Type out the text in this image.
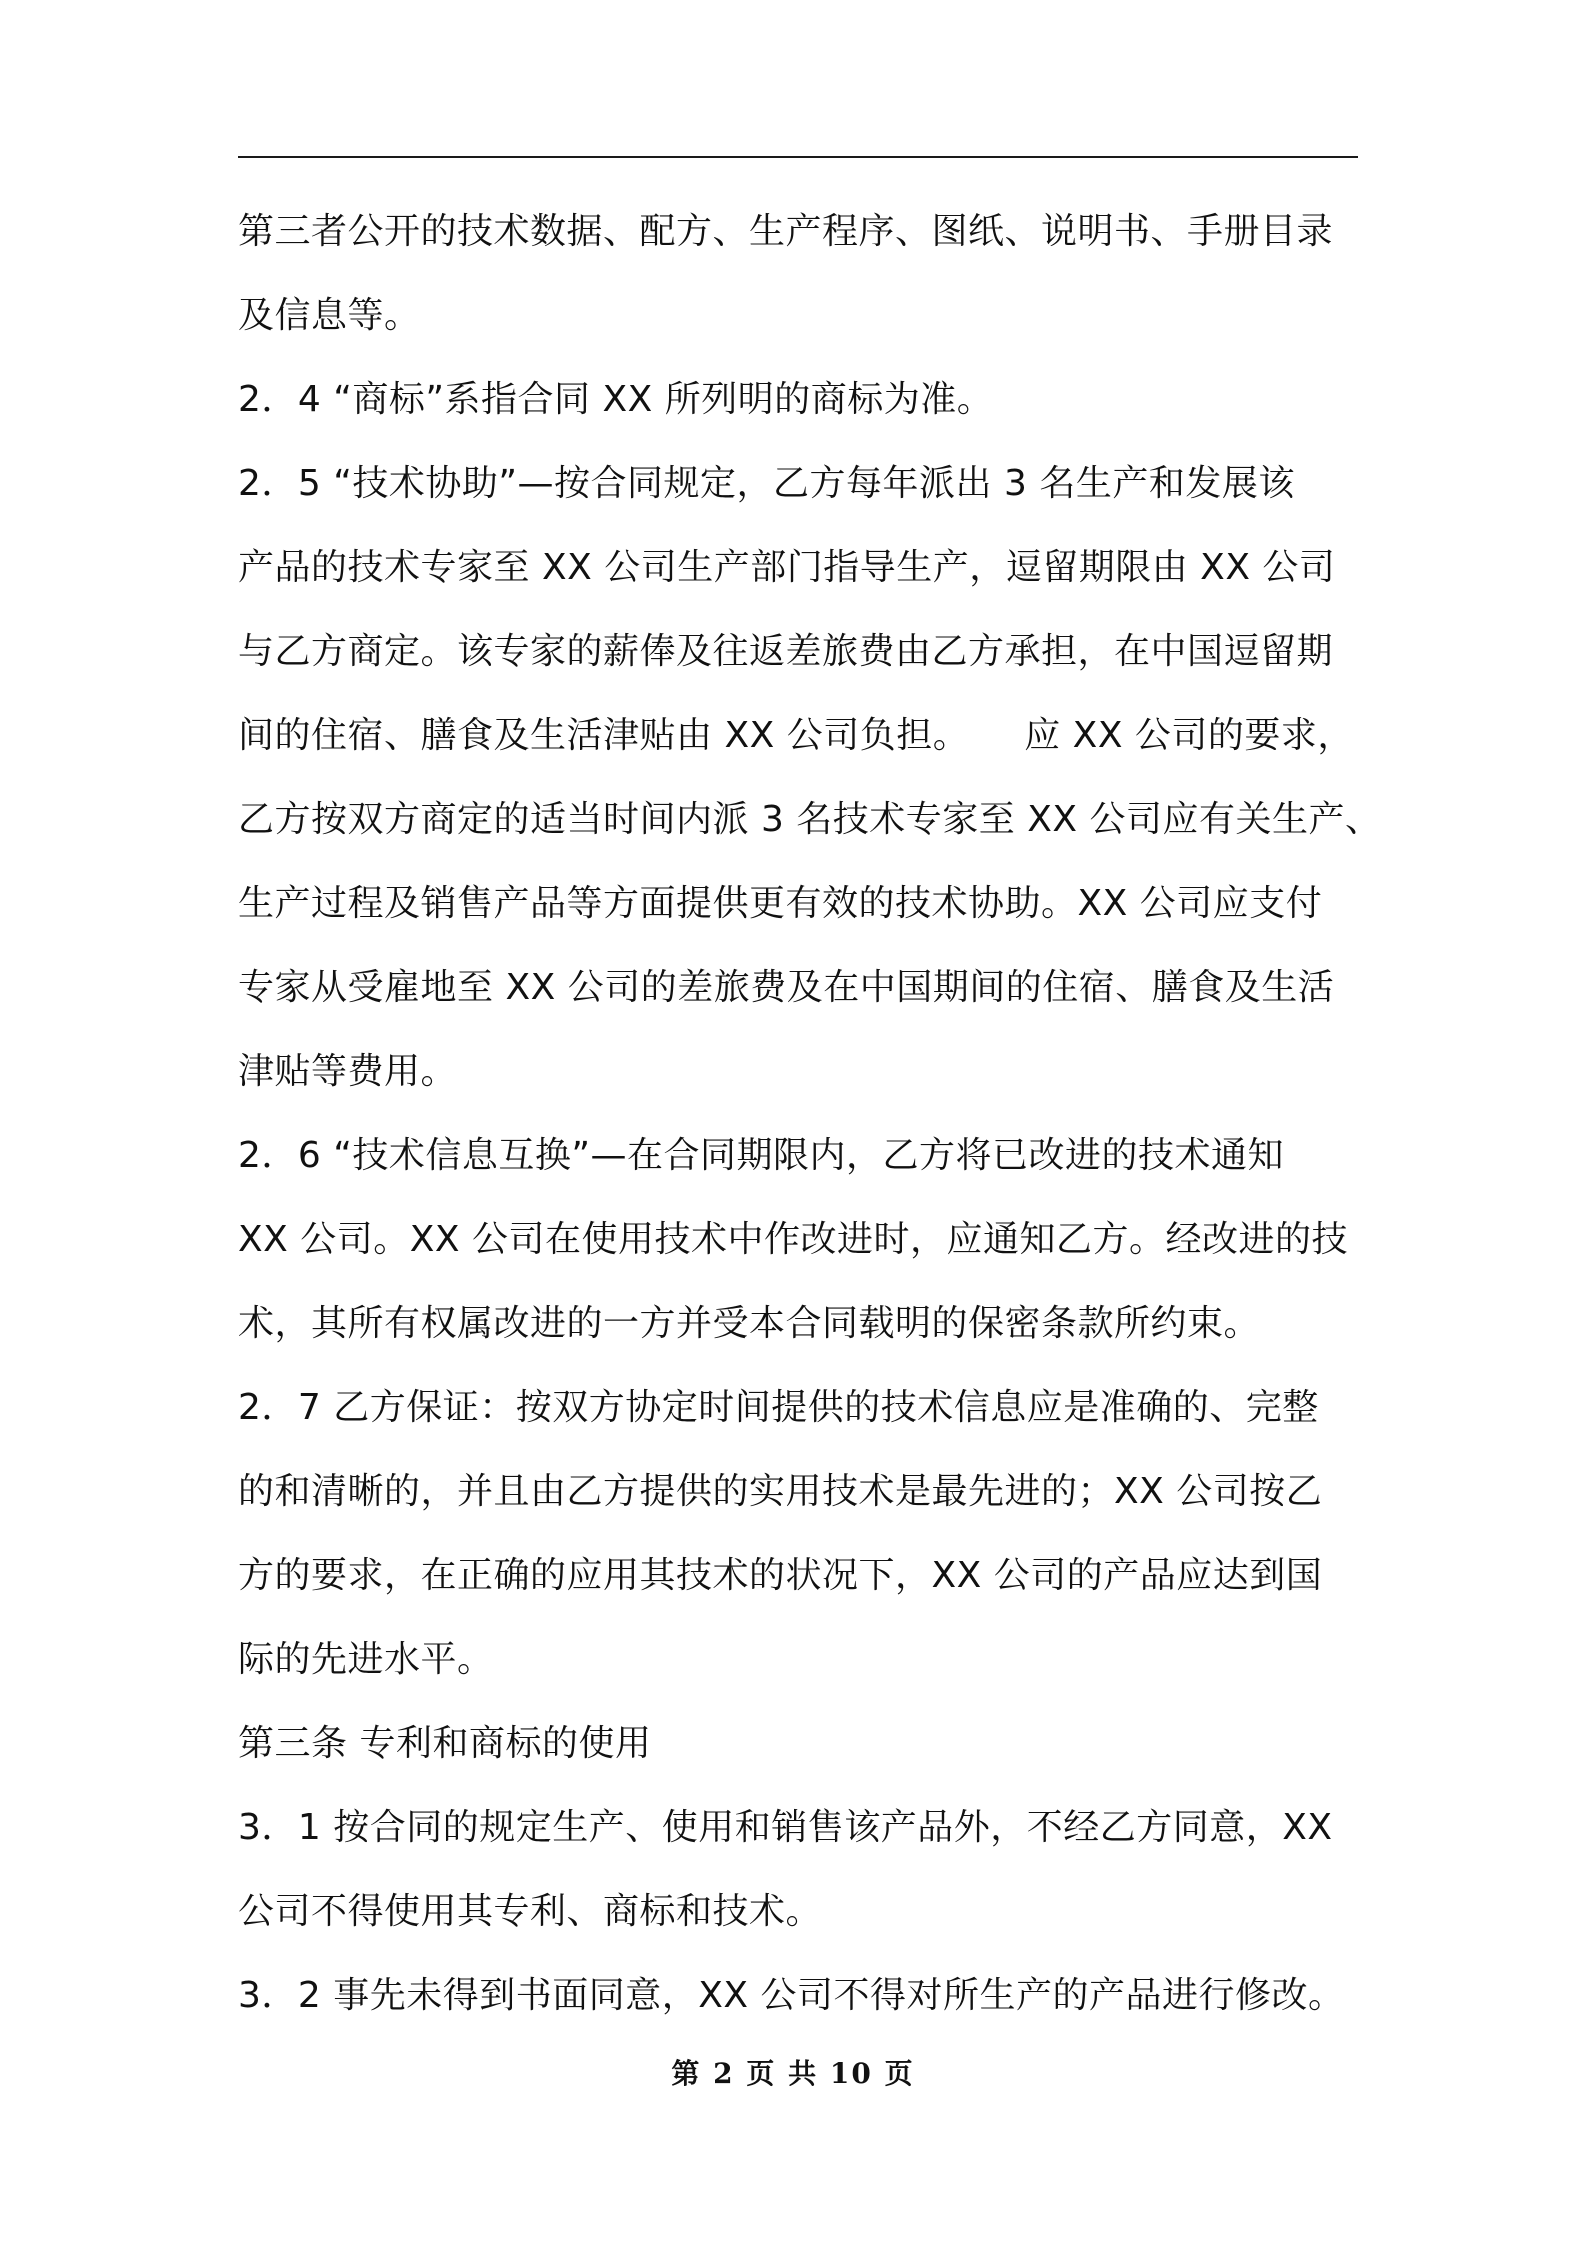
第三者公开的技术数据、配方、生产程序、图纸、说明书、手册目录
及信息等。
2．4 “商标”系指合同 XX 所列明的商标为准。
2．5 “技术协助”—按合同规定，乙方每年派出 3 名生产和发展该
产品的技术专家至 XX 公司生产部门指导生产，逗留期限由 XX 公司
与乙方商定。该专家的薪俸及往返差旅费由乙方承担，在中国逗留期
间的住宿、膳食及生活津贴由 XX 公司负担。　　应 XX 公司的要求，
乙方按双方商定的适当时间内派 3 名技术专家至 XX 公司应有关生产、
生产过程及销售产品等方面提供更有效的技术协助。XX 公司应支付
专家从受雇地至 XX 公司的差旅费及在中国期间的住宿、膳食及生活
津贴等费用。
2．6 “技术信息互换”—在合同期限内，乙方将已改进的技术通知
XX 公司。XX 公司在使用技术中作改进时，应通知乙方。经改进的技
术，其所有权属改进的一方并受本合同载明的保密条款所约束。
2．7 乙方保证：按双方协定时间提供的技术信息应是准确的、完整
的和清晰的，并且由乙方提供的实用技术是最先进的；XX 公司按乙
方的要求，在正确的应用其技术的状况下，XX 公司的产品应达到国
际的先进水平。
第三条 专利和商标的使用
3．1 按合同的规定生产、使用和销售该产品外，不经乙方同意，XX
公司不得使用其专利、商标和技术。
3．2 事先未得到书面同意，XX 公司不得对所生产的产品进行修改。
第 2 页 共 10 页
